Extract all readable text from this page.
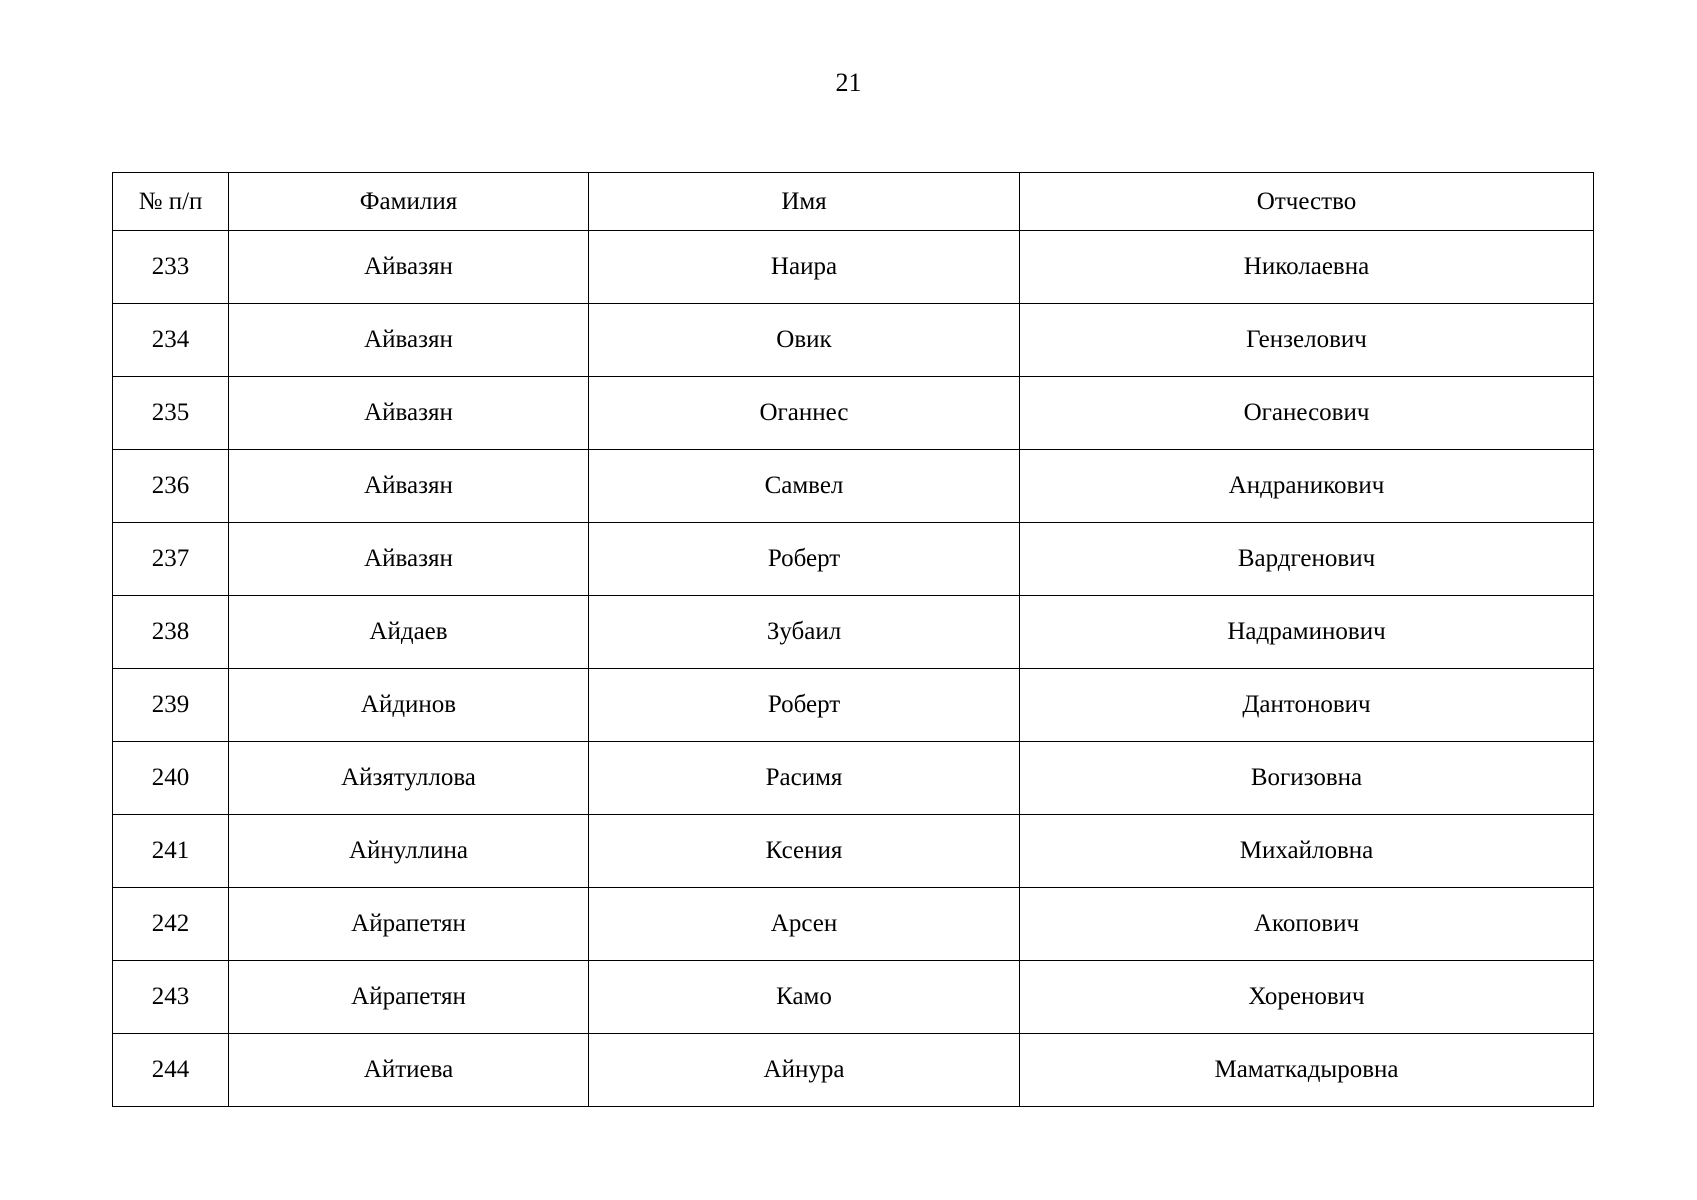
21
№ п/п	Фамилия	Имя	Отчество
233	Айвазян	Наира	Николаевна
234	Айвазян	Овик	Гензелович
235	Айвазян	Оганнес	Оганесович
236	Айвазян	Самвел	Андраникович
237	Айвазян	Роберт	Вардгенович
238	Айдаев	Зубаил	Надраминович
239	Айдинов	Роберт	Дантонович
240	Айзятуллова	Расимя	Вогизовна
241	Айнуллина	Ксения	Михайловна
242	Айрапетян	Арсен	Акопович
243	Айрапетян	Камо	Хоренович
244	Айтиева	Айнура	Маматкадыровна
